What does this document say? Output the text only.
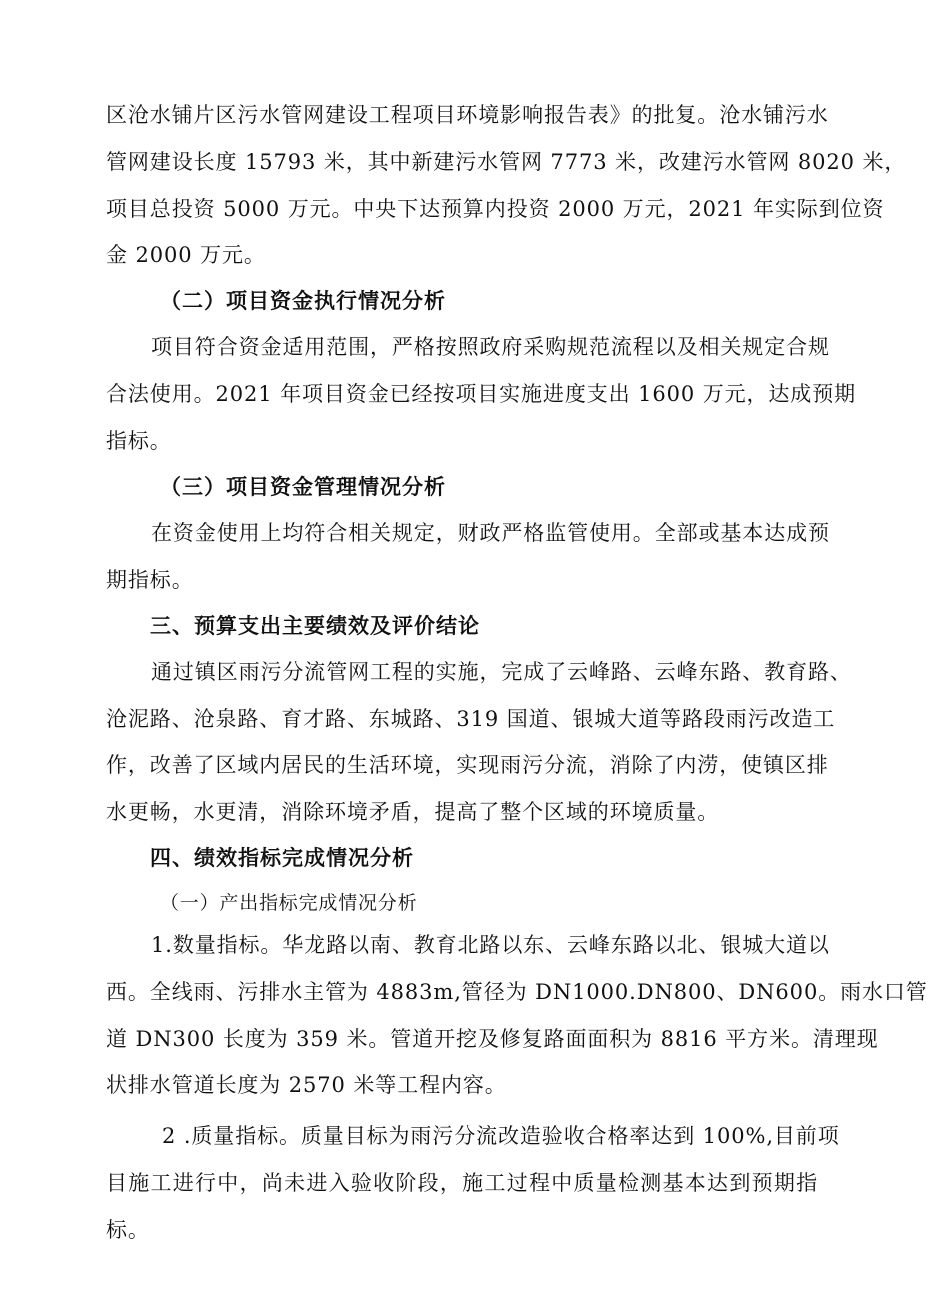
区沧水铺片区污水管网建设工程项目环境影响报告表》的批复。沧水铺污水
管网建设长度 15793 米，其中新建污水管网 7773 米，改建污水管网 8020 米，
项目总投资 5000 万元。中央下达预算内投资 2000 万元，2021 年实际到位资
金 2000 万元。
（二）项目资金执行情况分析
项目符合资金适用范围，严格按照政府采购规范流程以及相关规定合规
合法使用。2021 年项目资金已经按项目实施进度支出 1600 万元，达成预期
指标。
（三）项目资金管理情况分析
在资金使用上均符合相关规定，财政严格监管使用。全部或基本达成预
期指标。
三、预算支出主要绩效及评价结论
通过镇区雨污分流管网工程的实施，完成了云峰路、云峰东路、教育路、
沧泥路、沧泉路、育才路、东城路、319 国道、银城大道等路段雨污改造工
作，改善了区域内居民的生活环境，实现雨污分流，消除了内涝，使镇区排
水更畅，水更清，消除环境矛盾，提高了整个区域的环境质量。
四、绩效指标完成情况分析
（一）产出指标完成情况分析
1.数量指标。华龙路以南、教育北路以东、云峰东路以北、银城大道以
西。全线雨、污排水主管为 4883m,管径为 DN1000.DN800、DN600。雨水口管
道 DN300 长度为 359 米。管道开挖及修复路面面积为 8816 平方米。清理现
状排水管道长度为 2570 米等工程内容。
2 .质量指标。质量目标为雨污分流改造验收合格率达到 100%,目前项
目施工进行中，尚未进入验收阶段，施工过程中质量检测基本达到预期指
标。
